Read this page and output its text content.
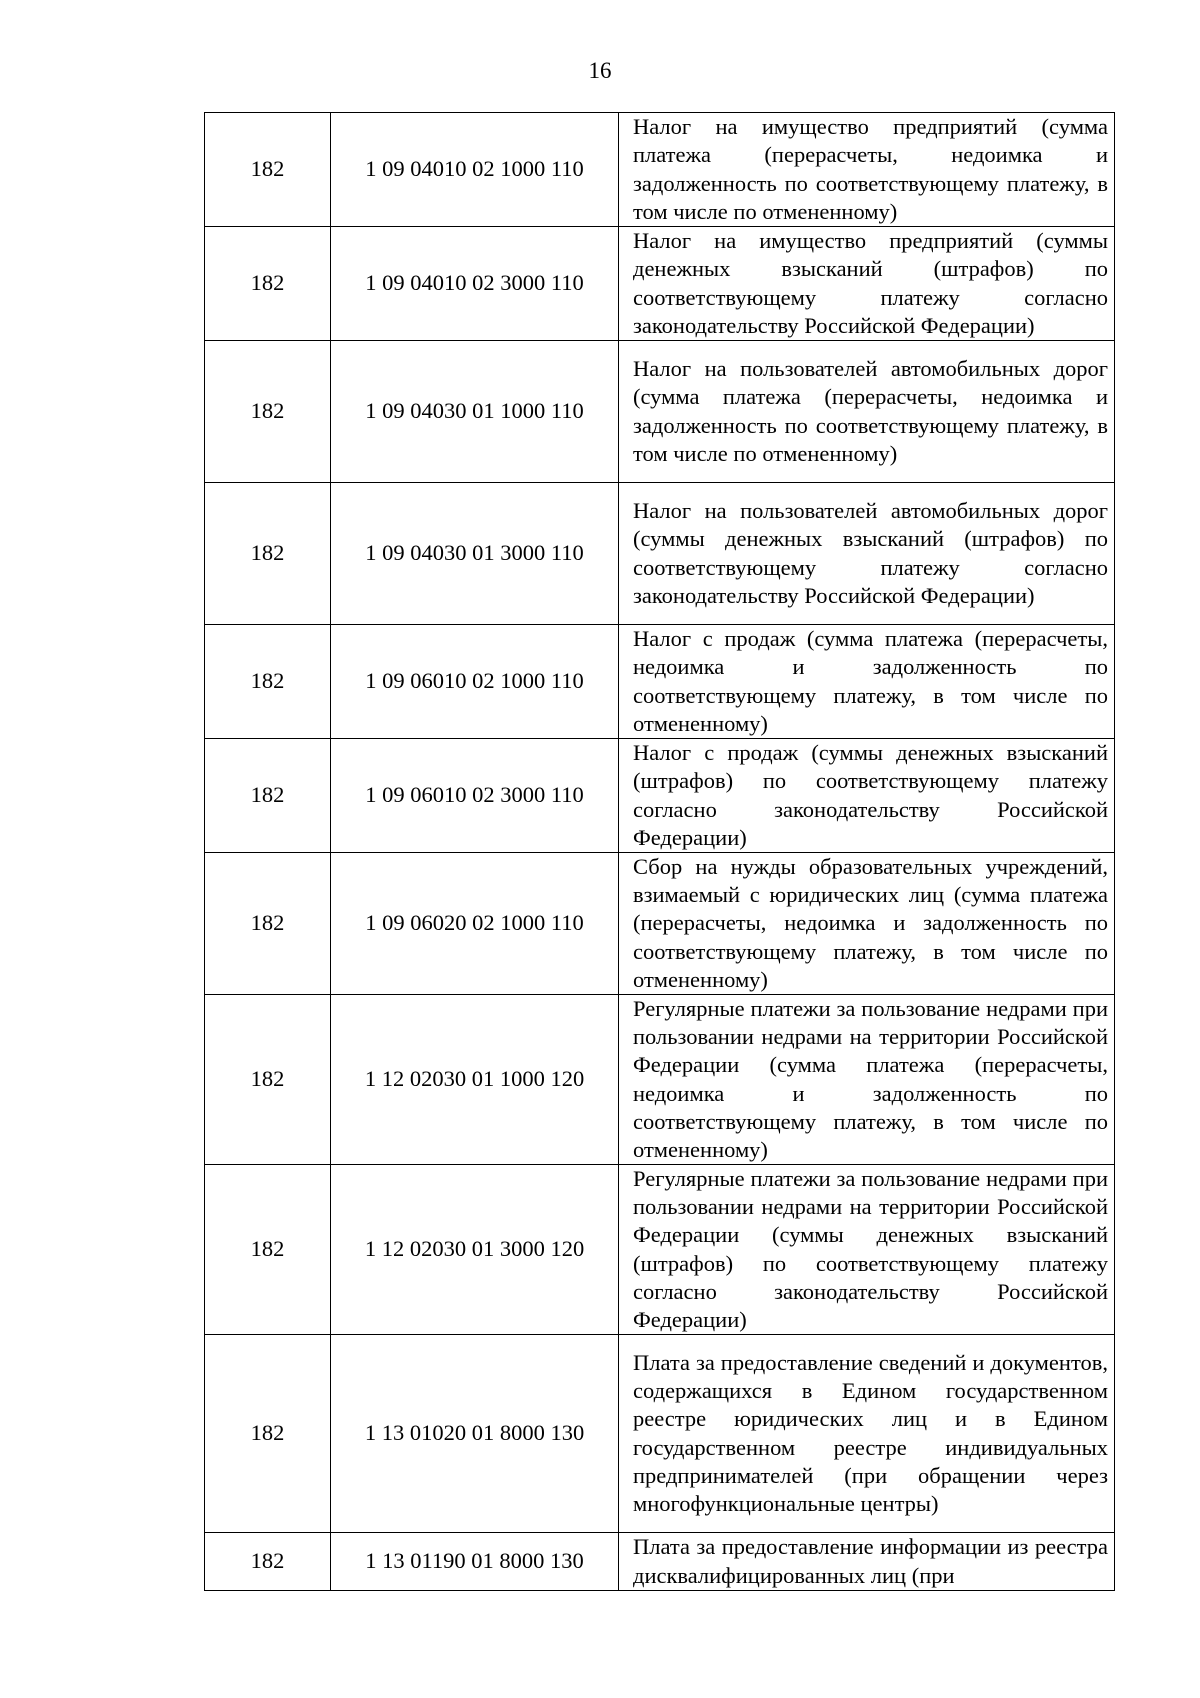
16
182	1 09 04010 02 1000 110	Налог на имущество предприятий (сумма платежа (перерасчеты, недоимка и задолженность по соответствующему платежу, в том числе по отмененному)
182	1 09 04010 02 3000 110	Налог на имущество предприятий (суммы денежных взысканий (штрафов) по соответствующему платежу согласно законодательству Российской Федерации)
182	1 09 04030 01 1000 110	Налог на пользователей автомобильных дорог (сумма платежа (перерасчеты, недоимка и задолженность по соответствующему платежу, в том числе по отмененному)
182	1 09 04030 01 3000 110	Налог на пользователей автомобильных дорог (суммы денежных взысканий (штрафов) по соответствующему платежу согласно законодательству Российской Федерации)
182	1 09 06010 02 1000 110	Налог с продаж (сумма платежа (перерасчеты, недоимка и задолженность по соответствующему платежу, в том числе по отмененному)
182	1 09 06010 02 3000 110	Налог с продаж (суммы денежных взысканий (штрафов) по соответствующему платежу согласно законодательству Российской Федерации)
182	1 09 06020 02 1000 110	Сбор на нужды образовательных учреждений, взимаемый с юридических лиц (сумма платежа (перерасчеты, недоимка и задолженность по соответствующему платежу, в том числе по отмененному)
182	1 12 02030 01 1000 120	Регулярные платежи за пользование недрами при пользовании недрами на территории Российской Федерации (сумма платежа (перерасчеты, недоимка и задолженность по соответствующему платежу, в том числе по отмененному)
182	1 12 02030 01 3000 120	Регулярные платежи за пользование недрами при пользовании недрами на территории Российской Федерации (суммы денежных взысканий (штрафов) по соответствующему платежу согласно законодательству Российской Федерации)
182	1 13 01020 01 8000 130	Плата за предоставление сведений и документов, содержащихся в Едином государственном реестре юридических лиц и в Едином государственном реестре индивидуальных предпринимателей (при обращении через многофункциональные центры)
182	1 13 01190 01 8000 130	Плата за предоставление информации из реестра дисквалифицированных лиц (при
